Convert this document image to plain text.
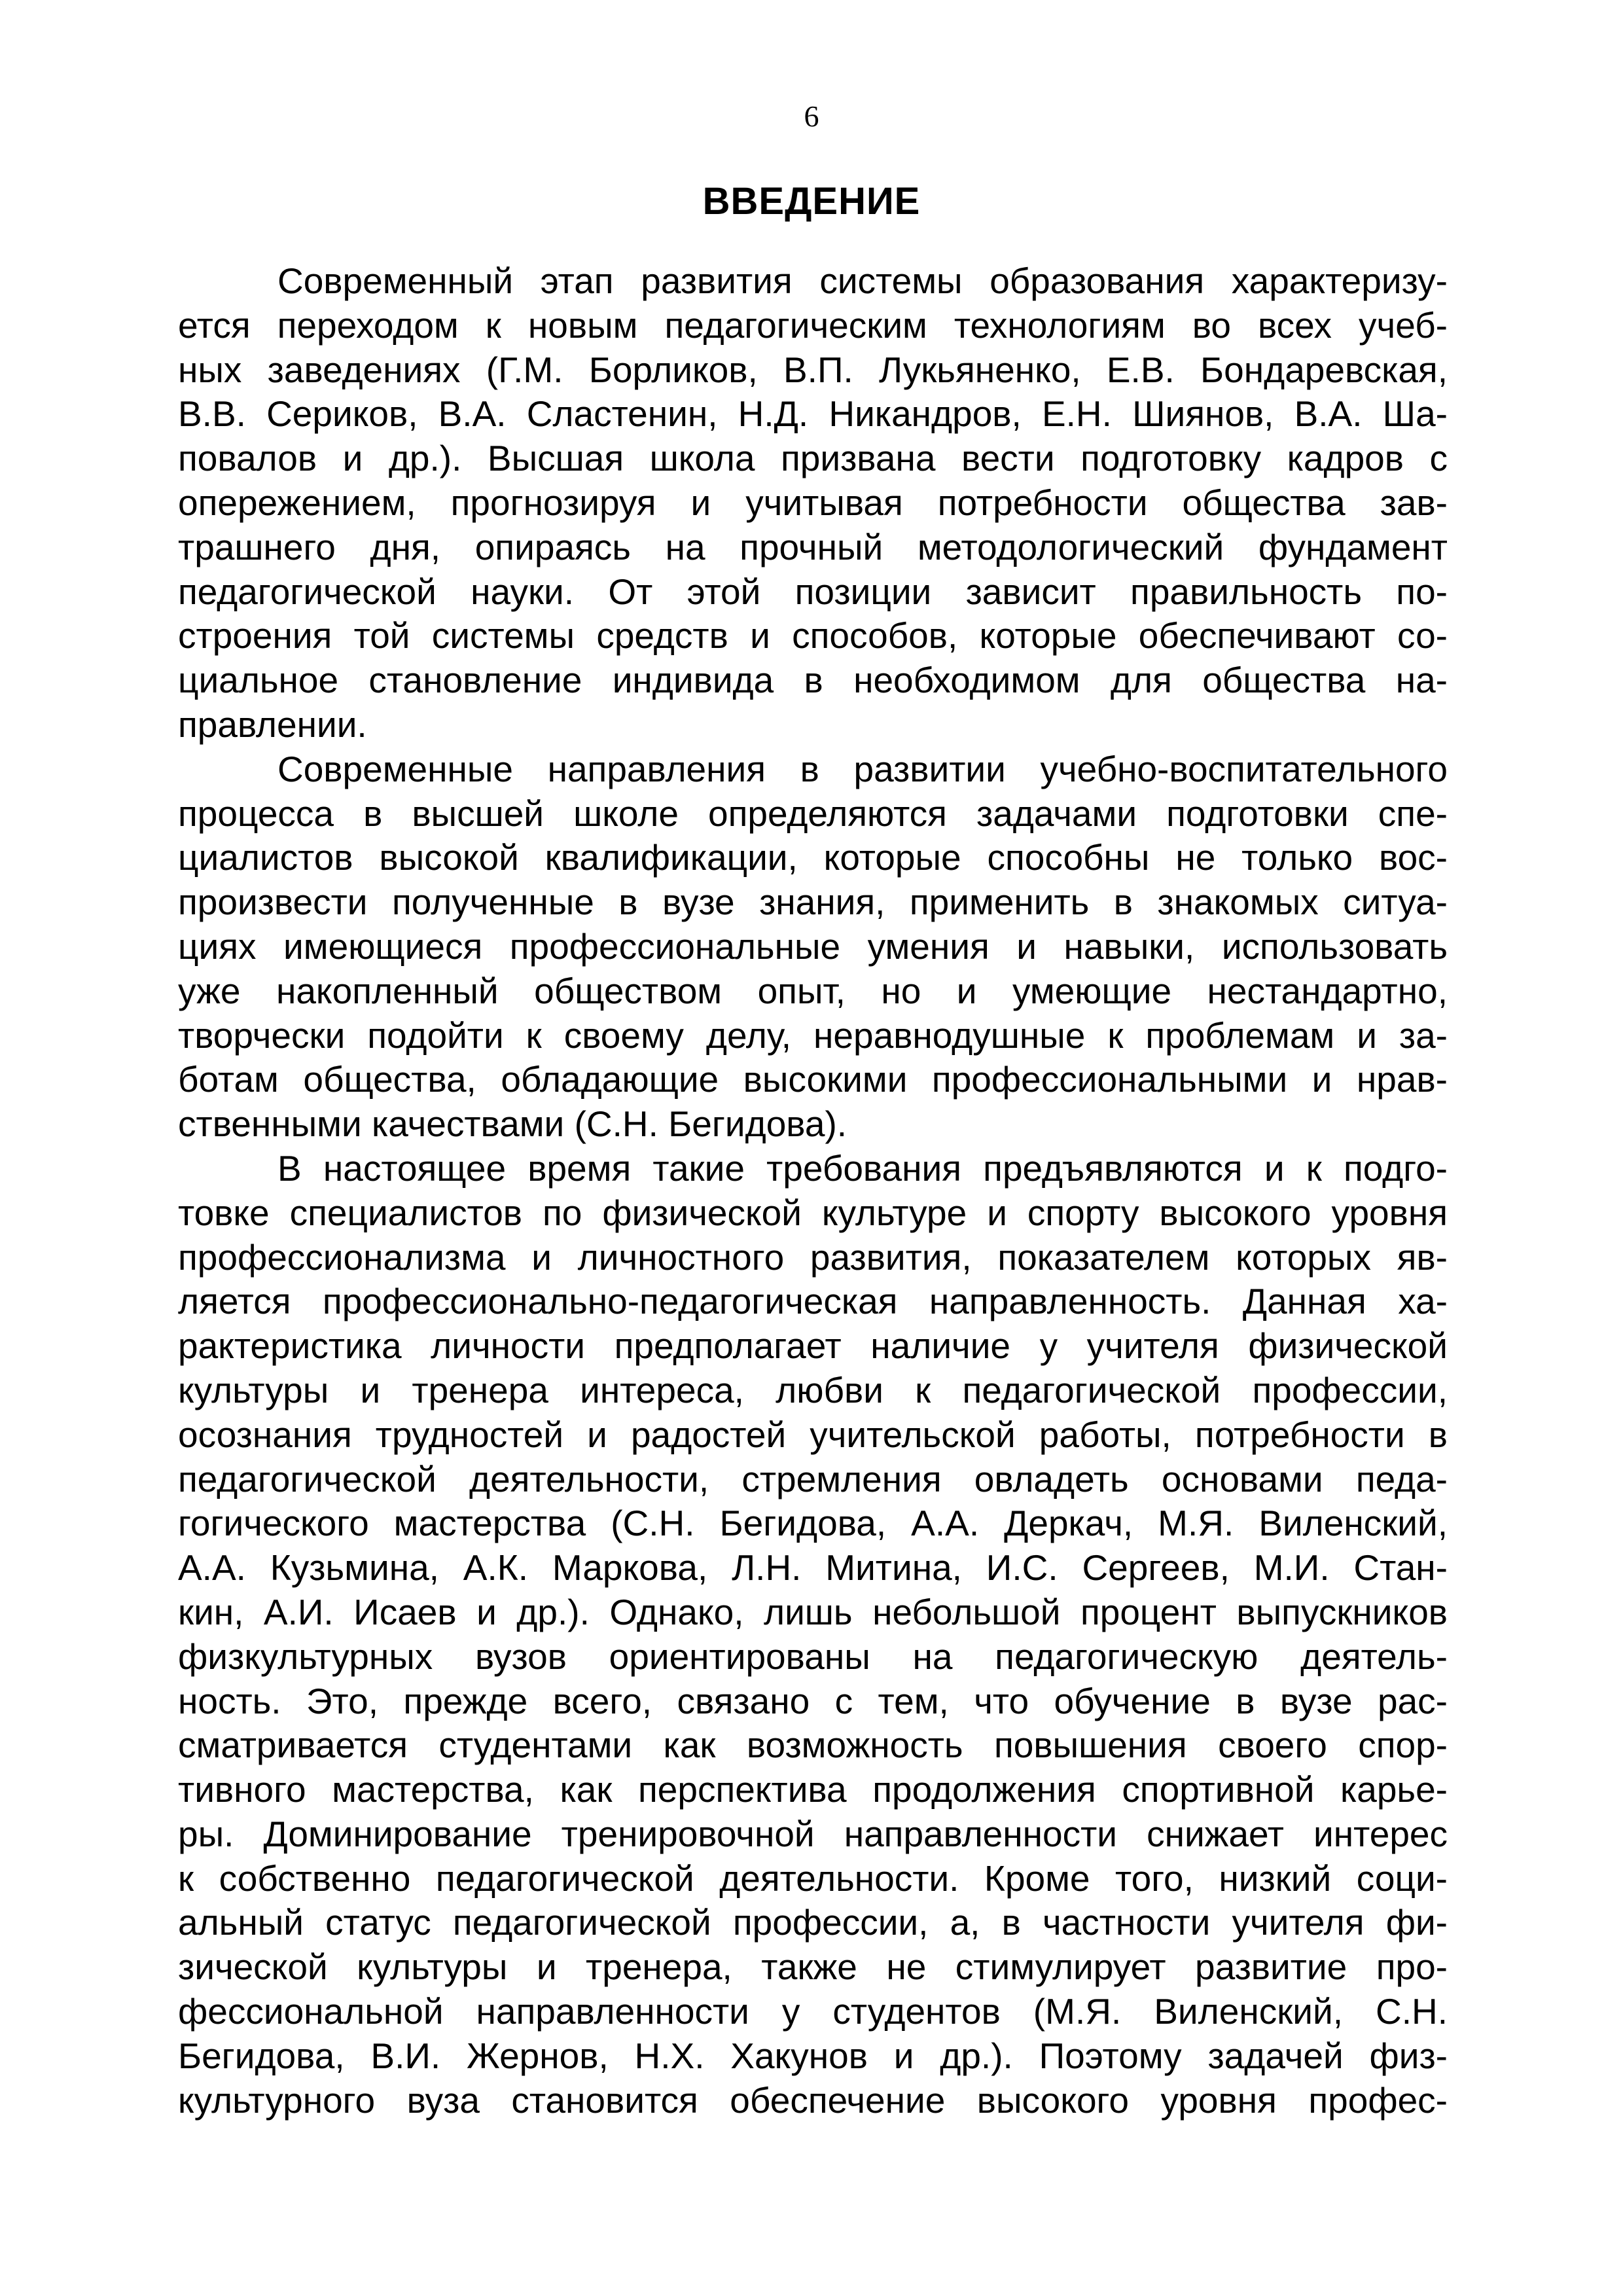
6
ВВЕДЕНИЕ
Современный этап развития системы образования характеризу-
ется переходом к новым педагогическим технологиям во всех учеб-
ных заведениях (Г.М. Борликов, В.П. Лукьяненко, Е.В. Бондаревская,
В.В. Сериков, В.А. Сластенин, Н.Д. Никандров, Е.Н. Шиянов, В.А. Ша-
повалов и др.). Высшая школа призвана вести подготовку кадров с
опережением, прогнозируя и учитывая потребности общества зав-
трашнего дня, опираясь на прочный методологический фундамент
педагогической науки. От этой позиции зависит правильность по-
строения той системы средств и способов, которые обеспечивают со-
циальное становление индивида в необходимом для общества на-
правлении.
Современные направления в развитии учебно-воспитательного
процесса в высшей школе определяются задачами подготовки спе-
циалистов высокой квалификации, которые способны не только вос-
произвести полученные в вузе знания, применить в знакомых ситуа-
циях имеющиеся профессиональные умения и навыки, использовать
уже накопленный обществом опыт, но и умеющие нестандартно,
творчески подойти к своему делу, неравнодушные к проблемам и за-
ботам общества, обладающие высокими профессиональными и нрав-
ственными качествами (С.Н. Бегидова).
В настоящее время такие требования предъявляются и к подго-
товке специалистов по физической культуре и спорту высокого уровня
профессионализма и личностного развития, показателем которых яв-
ляется профессионально-педагогическая направленность. Данная ха-
рактеристика личности предполагает наличие у учителя физической
культуры и тренера интереса, любви к педагогической профессии,
осознания трудностей и радостей учительской работы, потребности в
педагогической деятельности, стремления овладеть основами педа-
гогического мастерства (С.Н. Бегидова, А.А. Деркач, М.Я. Виленский,
А.А. Кузьмина, А.К. Маркова, Л.Н. Митина, И.С. Сергеев, М.И. Стан-
кин, А.И. Исаев и др.). Однако, лишь небольшой процент выпускников
физкультурных вузов ориентированы на педагогическую деятель-
ность. Это, прежде всего, связано с тем, что обучение в вузе рас-
сматривается студентами как возможность повышения своего спор-
тивного мастерства, как перспектива продолжения спортивной карье-
ры. Доминирование тренировочной направленности снижает интерес
к собственно педагогической деятельности. Кроме того, низкий соци-
альный статус педагогической профессии, а, в частности учителя фи-
зической культуры и тренера, также не стимулирует развитие про-
фессиональной направленности у студентов (М.Я. Виленский, С.Н.
Бегидова, В.И. Жернов, Н.Х. Хакунов и др.). Поэтому задачей физ-
культурного вуза становится обеспечение высокого уровня профес-
